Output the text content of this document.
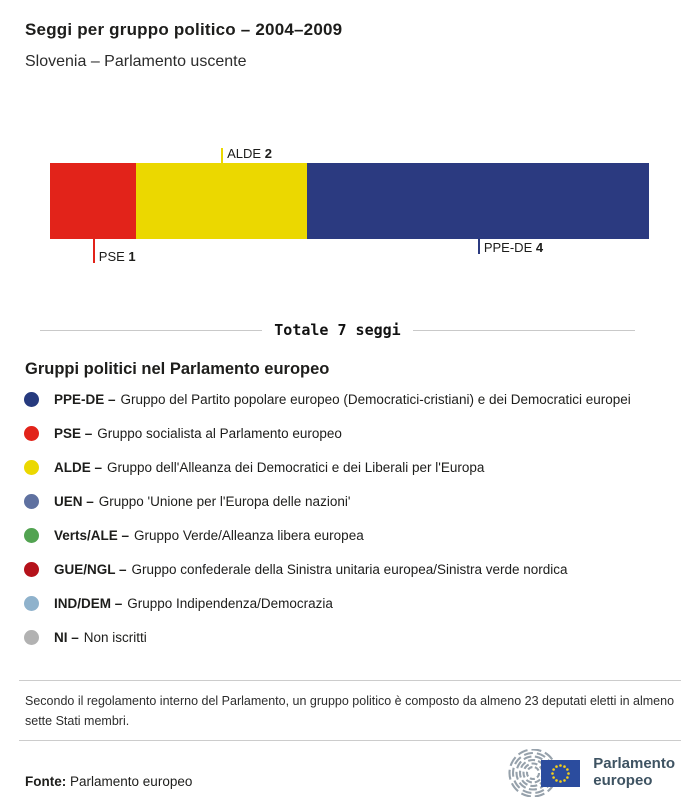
Seggi per gruppo politico – 2004–2009
Slovenia – Parlamento uscente
ALDE 2
PSE 1
PPE-DE 4
Totale 7 seggi
Gruppi politici nel Parlamento europeo
PPE-DE – Gruppo del Partito popolare europeo (Democratici-cristiani) e dei Democratici europei
PSE – Gruppo socialista al Parlamento europeo
ALDE – Gruppo dell'Alleanza dei Democratici e dei Liberali per l'Europa
UEN – Gruppo 'Unione per l'Europa delle nazioni'
Verts/ALE – Gruppo Verde/Alleanza libera europea
GUE/NGL – Gruppo confederale della Sinistra unitaria europea/Sinistra verde nordica
IND/DEM – Gruppo Indipendenza/Democrazia
NI – Non iscritti
Secondo il regolamento interno del Parlamento, un gruppo politico è composto da almeno 23 deputati eletti in almeno sette Stati membri.
Fonte: Parlamento europeo
Parlamento
europeo
